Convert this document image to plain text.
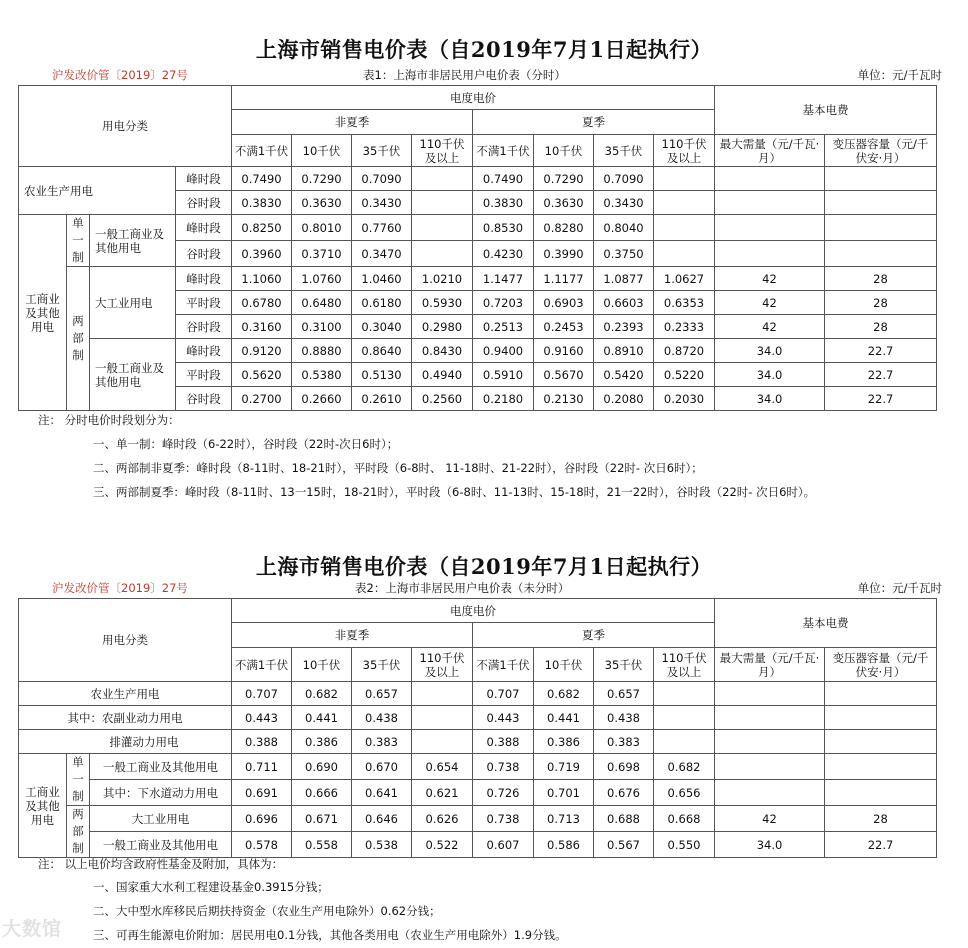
上海市销售电价表（自2019年7月1日起执行）
沪发改价管〔2019〕27号	表1：上海市非居民用户电价表（分时）	单位：元/千瓦时
用电分类				电度电价								基本电费	
				非夏季				夏季					
				不满1千伏	10千伏	35千伏	110千伏及以上	不满1千伏	10千伏	35千伏	110千伏及以上	最大需量（元/千瓦·月）	变压器容量（元/千伏安·月）
农业生产用电			峰时段	0.7490	0.7290	0.7090		0.7490	0.7290	0.7090			
			谷时段	0.3830	0.3630	0.3430		0.3830	0.3630	0.3430			
工商业及其他用电	单一制	一般工商业及其他用电	峰时段	0.8250	0.8010	0.7760		0.8530	0.8280	0.8040			
			谷时段	0.3960	0.3710	0.3470		0.4230	0.3990	0.3750			
	两部制	大工业用电	峰时段	1.1060	1.0760	1.0460	1.0210	1.1477	1.1177	1.0877	1.0627	42	28
			平时段	0.6780	0.6480	0.6180	0.5930	0.7203	0.6903	0.6603	0.6353	42	28
			谷时段	0.3160	0.3100	0.3040	0.2980	0.2513	0.2453	0.2393	0.2333	42	28
		一般工商业及其他用电	峰时段	0.9120	0.8880	0.8640	0.8430	0.9400	0.9160	0.8910	0.8720	34.0	22.7
			平时段	0.5620	0.5380	0.5130	0.4940	0.5910	0.5670	0.5420	0.5220	34.0	22.7
			谷时段	0.2700	0.2660	0.2610	0.2560	0.2180	0.2130	0.2080	0.2030	34.0	22.7
注： 分时电价时段划分为：
一、单一制：峰时段（6-22时），谷时段（22时-次日6时）；
二、两部制非夏季：峰时段（8-11时、18-21时），平时段（6-8时、 11-18时、21-22时），谷时段（22时- 次日6时）；
三、两部制夏季：峰时段（8-11时、13一15时，18-21时），平时段（6-8时、11-13时、15-18时，21一22时），谷时段（22时- 次日6时）。
上海市销售电价表（自2019年7月1日起执行）
沪发改价管〔2019〕27号	表2：上海市非居民用户电价表（未分时）	单位：元/千瓦时
用电分类			电度电价								基本电费	
			非夏季				夏季					
			不满1千伏	10千伏	35千伏	110千伏及以上	不满1千伏	10千伏	35千伏	110千伏及以上	最大需量（元/千瓦·月）	变压器容量（元/千伏安·月）
农业生产用电			0.707	0.682	0.657		0.707	0.682	0.657			
其中：农副业动力用电			0.443	0.441	0.438		0.443	0.441	0.438			
排灌动力用电			0.388	0.386	0.383		0.388	0.386	0.383			
工商业及其他用电	单一制	一般工商业及其他用电	0.711	0.690	0.670	0.654	0.738	0.719	0.698	0.682		
		其中：下水道动力用电	0.691	0.666	0.641	0.621	0.726	0.701	0.676	0.656		
	两部制	大工业用电	0.696	0.671	0.646	0.626	0.738	0.713	0.688	0.668	42	28
		一般工商业及其他用电	0.578	0.558	0.538	0.522	0.607	0.586	0.567	0.550	34.0	22.7
注： 以上电价均含政府性基金及附加，具体为：
一、国家重大水利工程建设基金0.3915分钱；
二、大中型水库移民后期扶持资金（农业生产用电除外）0.62分钱；
三、可再生能源电价附加：居民用电0.1分钱，其他各类用电（农业生产用电除外）1.9分钱。
大数馆
